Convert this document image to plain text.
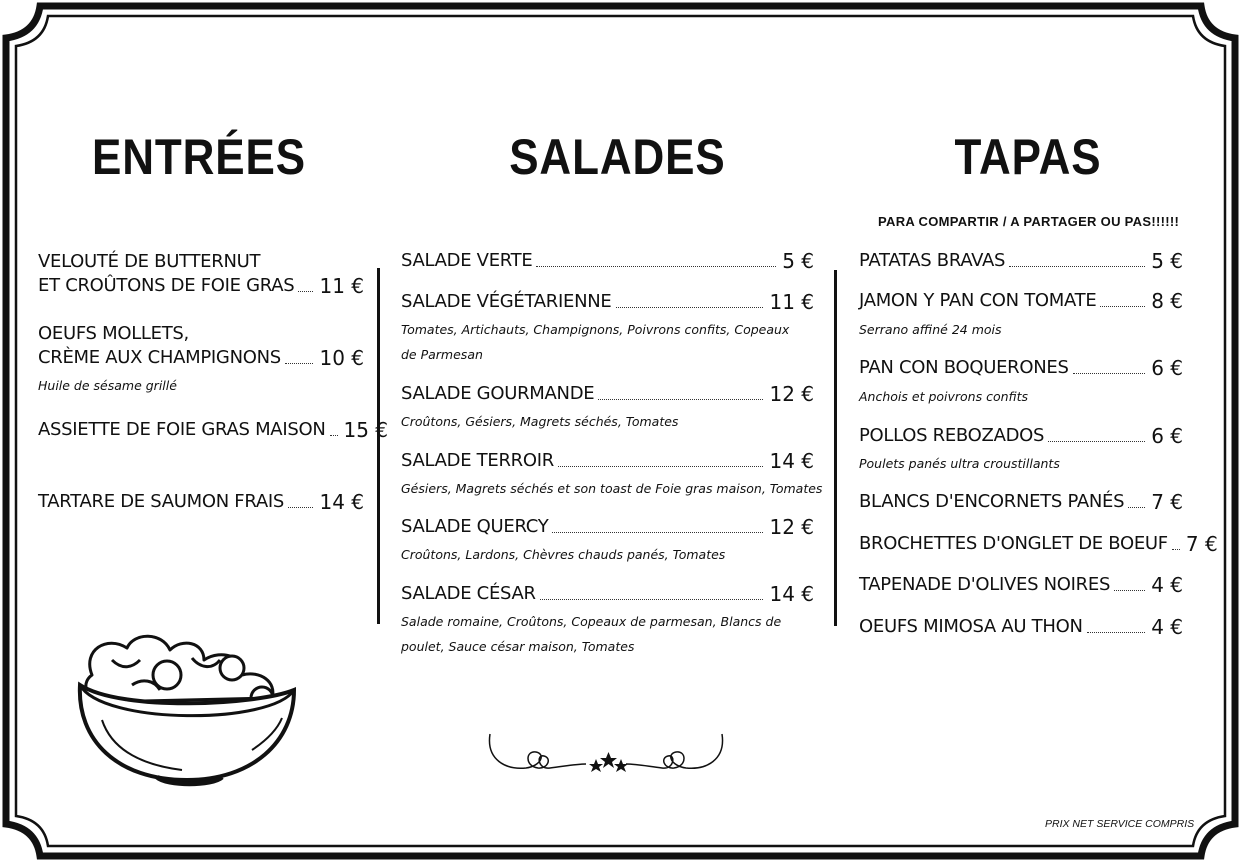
ENTRÉES	SALADES	TAPAS
PARA COMPARTIR / A PARTAGER OU PAS!!!!!!
VELOUTÉ DE BUTTERNUT
ET CROÛTONS DE FOIE GRAS 11 €
OEUFS MOLLETS,
CRÈME AUX CHAMPIGNONS 10 €
Huile de sésame grillé
ASSIETTE DE FOIE GRAS MAISON 15 €
TARTARE DE SAUMON FRAIS 14 €
SALADE VERTE	5 €
SALADE VÉGÉTARIENNE	11 €
Tomates, Artichauts, Champignons, Poivrons confits, Copeaux de Parmesan
SALADE GOURMANDE	12 €
Croûtons, Gésiers, Magrets séchés, Tomates
SALADE TERROIR	14 €
Gésiers, Magrets séchés et son toast de Foie gras maison, Tomates
SALADE QUERCY	12 €
Croûtons, Lardons, Chèvres chauds panés, Tomates
SALADE CÉSAR	14 €
Salade romaine, Croûtons, Copeaux de parmesan, Blancs de poulet, Sauce césar maison, Tomates
PATATAS BRAVAS	5 €
JAMON Y PAN CON TOMATE	8 €
Serrano affiné 24 mois
PAN CON BOQUERONES	6 €
Anchois et poivrons confits
POLLOS REBOZADOS	6 €
Poulets panés ultra croustillants
BLANCS D'ENCORNETS PANÉS 7 €
BROCHETTES D'ONGLET DE BOEUF 7 €
TAPENADE D'OLIVES NOIRES 4 €
OEUFS MIMOSA AU THON	4 €
PRIX NET SERVICE COMPRIS
